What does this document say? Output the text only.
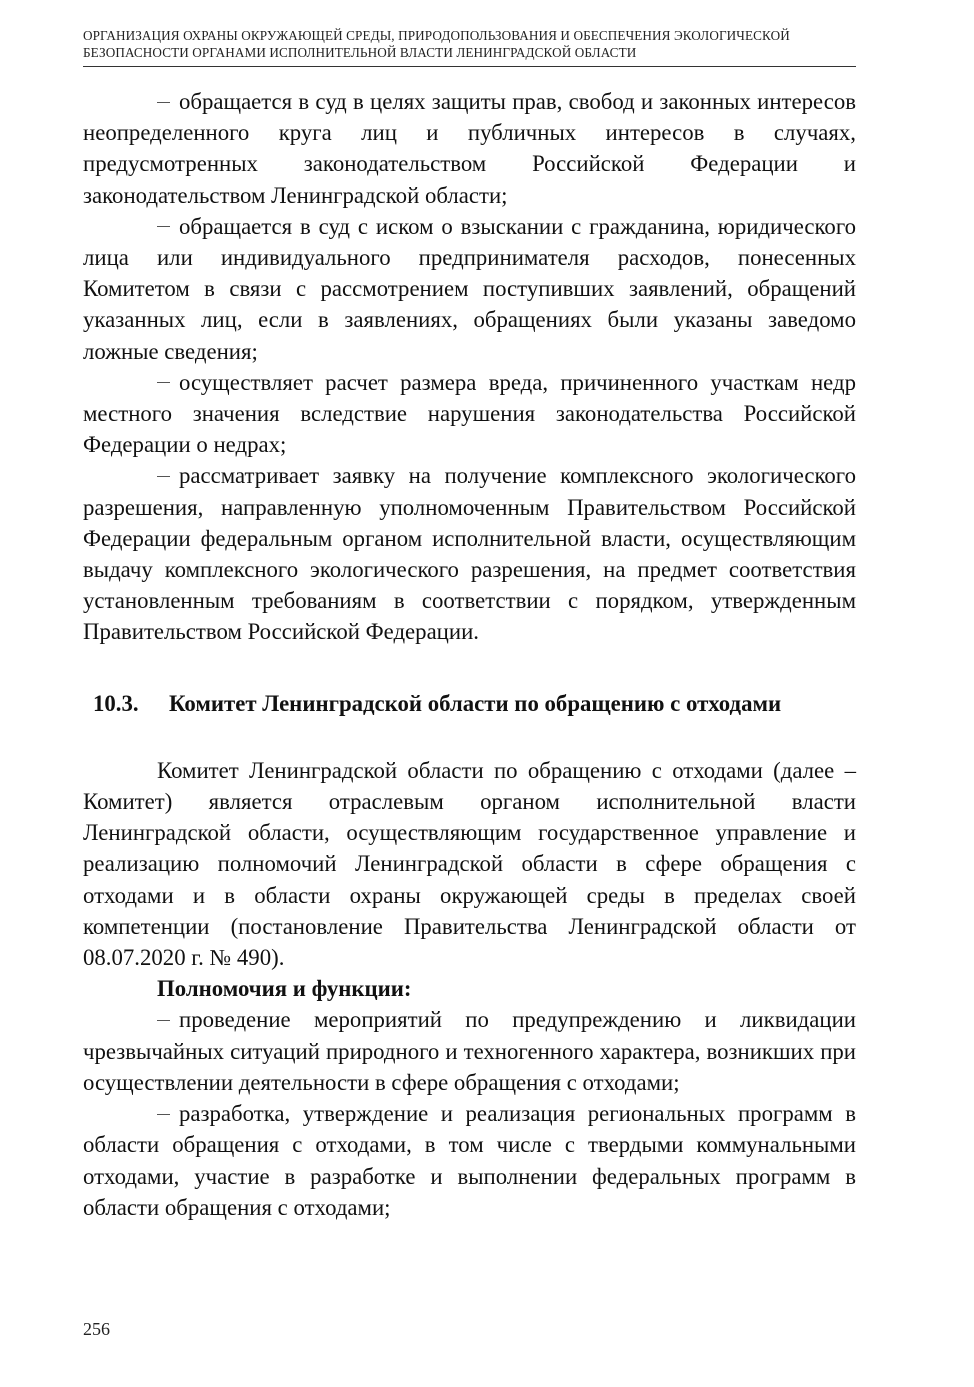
ОРГАНИЗАЦИЯ ОХРАНЫ ОКРУЖАЮЩЕЙ СРЕДЫ, ПРИРОДОПОЛЬЗОВАНИЯ И ОБЕСПЕЧЕНИЯ ЭКОЛОГИЧЕСКОЙ
БЕЗОПАСНОСТИ ОРГАНАМИ ИСПОЛНИТЕЛЬНОЙ ВЛАСТИ ЛЕНИНГРАДСКОЙ ОБЛАСТИ

обращается в суд в целях защиты прав, свобод и законных интересов неопределенного круга лиц и публичных интересов в случаях, предусмотренных законодательством Российской Федерации и законодательством Ленинградской области;

обращается в суд с иском о взыскании с гражданина, юридического лица или индивидуального предпринимателя расходов, понесенных Комитетом в связи с рассмотрением поступивших заявлений, обращений указанных лиц, если в заявлениях, обращениях были указаны заведомо ложные сведения;

осуществляет расчет размера вреда, причиненного участкам недр местного значения вследствие нарушения законодательства Российской Федерации о недрах;

рассматривает заявку на получение комплексного экологического разрешения, направленную уполномоченным Правительством Российской Федерации федеральным органом исполнительной власти, осуществляющим выдачу комплексного экологического разрешения, на предмет соответствия установленным требованиям в соответствии с порядком, утвержденным Правительством Российской Федерации.

10.3.	Комитет Ленинградской области по обращению с отходами

Комитет Ленинградской области по обращению с отходами (далее – Комитет) является отраслевым органом исполнительной власти Ленинградской области, осуществляющим государственное управление и реализацию полномочий Ленинградской области в сфере обращения с отходами и в области охраны окружающей среды в пределах своей компетенции (постановление Правительства Ленинградской области от 08.07.2020 г. № 490).

Полномочия и функции:

проведение мероприятий по предупреждению и ликвидации чрезвычайных ситуаций природного и техногенного характера, возникших при осуществлении деятельности в сфере обращения с отходами;

разработка, утверждение и реализация региональных программ в области обращения с отходами, в том числе с твердыми коммунальными отходами, участие в разработке и выполнении федеральных программ в области обращения с отходами;

256
